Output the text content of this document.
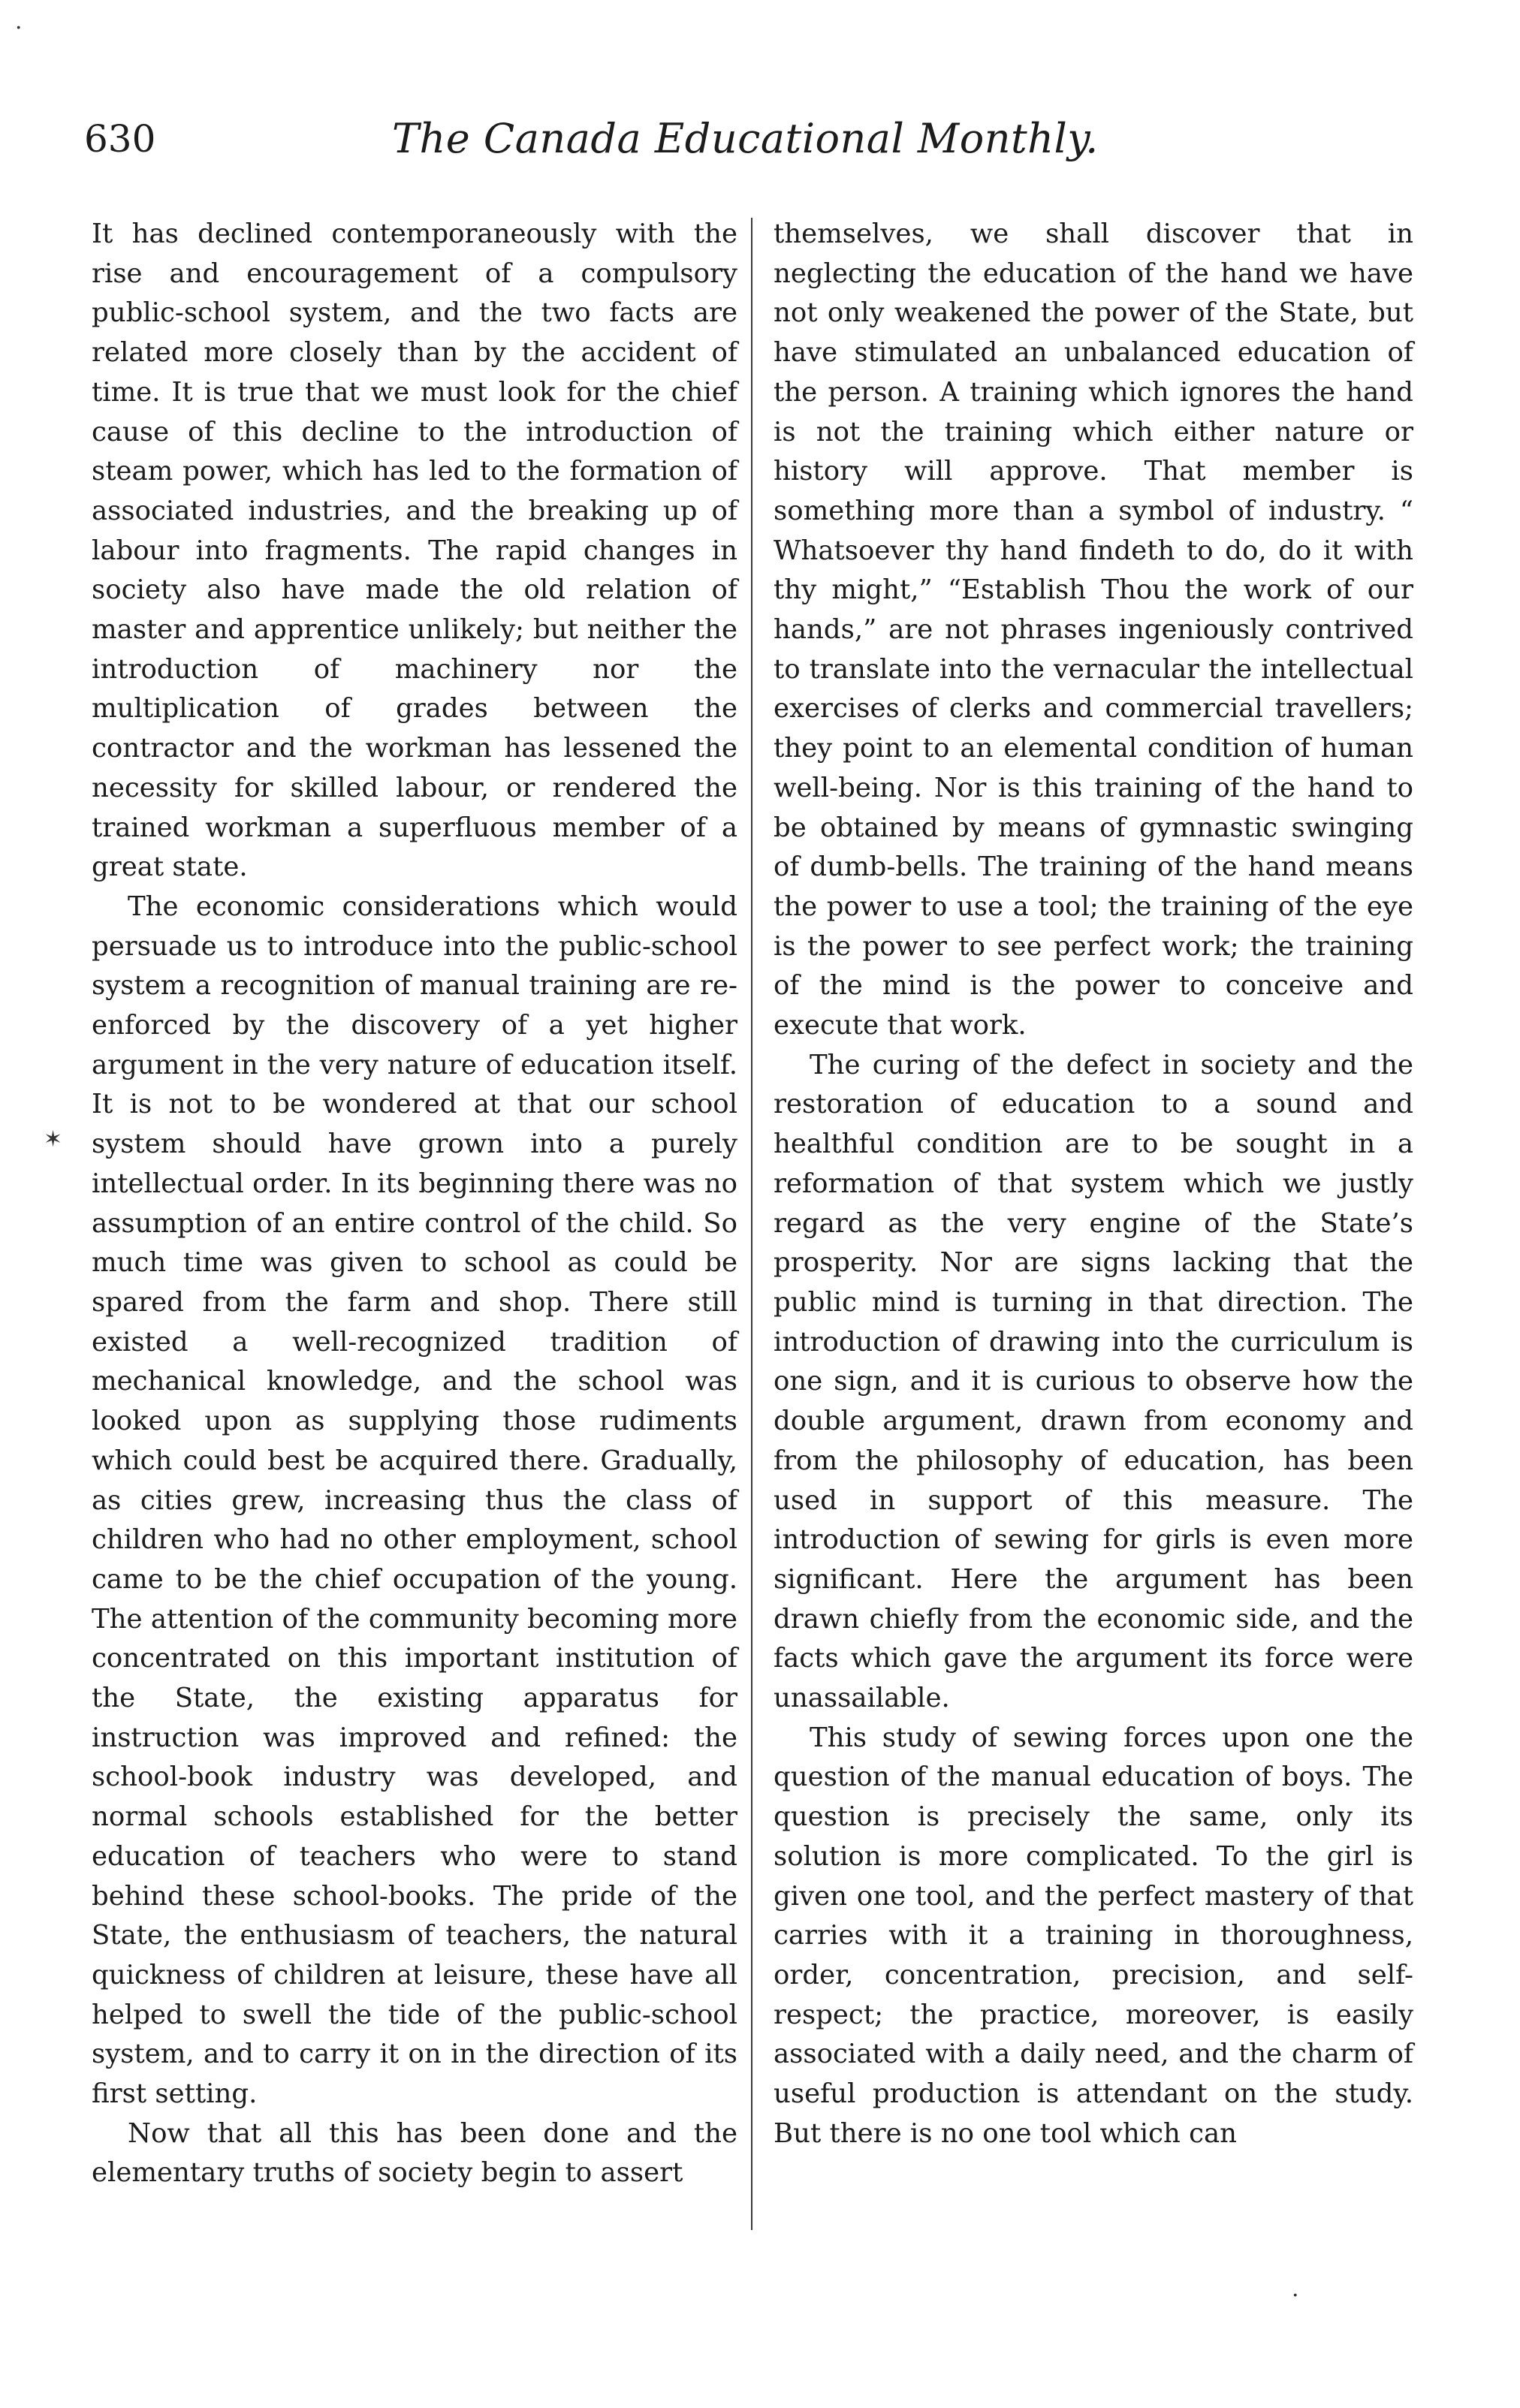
630	The Canada Educational Monthly.

It has declined contemporaneously with the rise and encouragement of a compulsory public-school system, and the two facts are related more closely than by the accident of time. It is true that we must look for the chief cause of this decline to the introduction of steam power, which has led to the formation of associated industries, and the breaking up of labour into fragments. The rapid changes in society also have made the old relation of master and apprentice unlikely; but neither the introduction of machinery nor the multiplication of grades between the contractor and the workman has lessened the necessity for skilled labour, or rendered the trained workman a superfluous member of a great state.

The economic considerations which would persuade us to introduce into the public-school system a recognition of manual training are re-enforced by the discovery of a yet higher argument in the very nature of education itself. It is not to be wondered at that our school system should have grown into a purely intellectual order. In its beginning there was no assumption of an entire control of the child. So much time was given to school as could be spared from the farm and shop. There still existed a well-recognized tradition of mechanical knowledge, and the school was looked upon as supplying those rudiments which could best be acquired there. Gradually, as cities grew, increasing thus the class of children who had no other employment, school came to be the chief occupation of the young. The attention of the community becoming more concentrated on this important institution of the State, the existing apparatus for instruction was improved and refined: the school-book industry was developed, and normal schools established for the better education of teachers who were to stand behind these school-books. The pride of the State, the enthusiasm of teachers, the natural quickness of children at leisure, these have all helped to swell the tide of the public-school system, and to carry it on in the direction of its first setting.

Now that all this has been done and the elementary truths of society begin to assert

themselves, we shall discover that in neglecting the education of the hand we have not only weakened the power of the State, but have stimulated an unbalanced education of the person. A training which ignores the hand is not the training which either nature or history will approve. That member is something more than a symbol of industry. “ Whatsoever thy hand findeth to do, do it with thy might,” “Establish Thou the work of our hands,” are not phrases ingeniously contrived to translate into the vernacular the intellectual exercises of clerks and commercial travellers; they point to an elemental condition of human well-being. Nor is this training of the hand to be obtained by means of gymnastic swinging of dumb-bells. The training of the hand means the power to use a tool; the training of the eye is the power to see perfect work; the training of the mind is the power to conceive and execute that work.

The curing of the defect in society and the restoration of education to a sound and healthful condition are to be sought in a reformation of that system which we justly regard as the very engine of the State’s prosperity. Nor are signs lacking that the public mind is turning in that direction. The introduction of drawing into the curriculum is one sign, and it is curious to observe how the double argument, drawn from economy and from the philosophy of education, has been used in support of this measure. The introduction of sewing for girls is even more significant. Here the argument has been drawn chiefly from the economic side, and the facts which gave the argument its force were unassailable.

This study of sewing forces upon one the question of the manual education of boys. The question is precisely the same, only its solution is more complicated. To the girl is given one tool, and the perfect mastery of that carries with it a training in thoroughness, order, concentration, precision, and self-respect; the practice, moreover, is easily associated with a daily need, and the charm of useful production is attendant on the study. But there is no one tool which can

·
✶
·
